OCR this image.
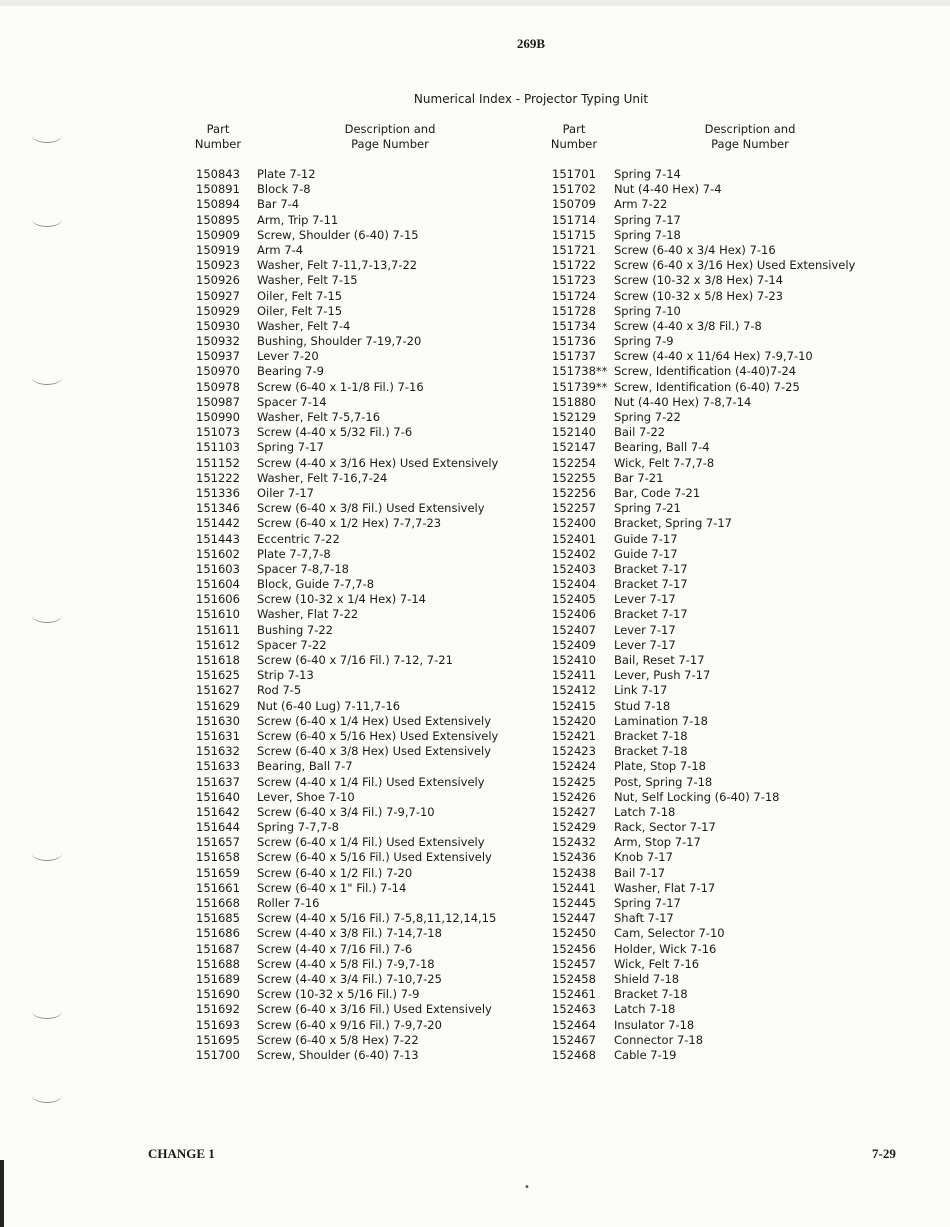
269B
Numerical Index - Projector Typing Unit
Part
Number
Description and
Page Number
Part
Number
Description and
Page Number
150843 Plate 7-12
150891 Block 7-8
150894 Bar 7-4
150895 Arm, Trip 7-11
150909 Screw, Shoulder (6-40) 7-15
150919 Arm 7-4
150923 Washer, Felt 7-11,7-13,7-22
150926 Washer, Felt 7-15
150927 Oiler, Felt 7-15
150929 Oiler, Felt 7-15
150930 Washer, Felt 7-4
150932 Bushing, Shoulder 7-19,7-20
150937 Lever 7-20
150970 Bearing 7-9
150978 Screw (6-40 x 1-1/8 Fil.) 7-16
150987 Spacer 7-14
150990 Washer, Felt 7-5,7-16
151073 Screw (4-40 x 5/32 Fil.) 7-6
151103 Spring 7-17
151152 Screw (4-40 x 3/16 Hex) Used Extensively
151222 Washer, Felt 7-16,7-24
151336 Oiler 7-17
151346 Screw (6-40 x 3/8 Fil.) Used Extensively
151442 Screw (6-40 x 1/2 Hex) 7-7,7-23
151443 Eccentric 7-22
151602 Plate 7-7,7-8
151603 Spacer 7-8,7-18
151604 Block, Guide 7-7,7-8
151606 Screw (10-32 x 1/4 Hex) 7-14
151610 Washer, Flat 7-22
151611 Bushing 7-22
151612 Spacer 7-22
151618 Screw (6-40 x 7/16 Fil.) 7-12, 7-21
151625 Strip 7-13
151627 Rod 7-5
151629 Nut (6-40 Lug) 7-11,7-16
151630 Screw (6-40 x 1/4 Hex) Used Extensively
151631 Screw (6-40 x 5/16 Hex) Used Extensively
151632 Screw (6-40 x 3/8 Hex) Used Extensively
151633 Bearing, Ball 7-7
151637 Screw (4-40 x 1/4 Fil.) Used Extensively
151640 Lever, Shoe 7-10
151642 Screw (6-40 x 3/4 Fil.) 7-9,7-10
151644 Spring 7-7,7-8
151657 Screw (6-40 x 1/4 Fil.) Used Extensively
151658 Screw (6-40 x 5/16 Fil.) Used Extensively
151659 Screw (6-40 x 1/2 Fil.) 7-20
151661 Screw (6-40 x 1" Fil.) 7-14
151668 Roller 7-16
151685 Screw (4-40 x 5/16 Fil.) 7-5,8,11,12,14,15
151686 Screw (4-40 x 3/8 Fil.) 7-14,7-18
151687 Screw (4-40 x 7/16 Fil.) 7-6
151688 Screw (4-40 x 5/8 Fil.) 7-9,7-18
151689 Screw (4-40 x 3/4 Fil.) 7-10,7-25
151690 Screw (10-32 x 5/16 Fil.) 7-9
151692 Screw (6-40 x 3/16 Fil.) Used Extensively
151693 Screw (6-40 x 9/16 Fil.) 7-9,7-20
151695 Screw (6-40 x 5/8 Hex) 7-22
151700 Screw, Shoulder (6-40) 7-13
151701 Spring 7-14
151702 Nut (4-40 Hex) 7-4
150709 Arm 7-22
151714 Spring 7-17
151715 Spring 7-18
151721 Screw (6-40 x 3/4 Hex) 7-16
151722 Screw (6-40 x 3/16 Hex) Used Extensively
151723 Screw (10-32 x 3/8 Hex) 7-14
151724 Screw (10-32 x 5/8 Hex) 7-23
151728 Spring 7-10
151734 Screw (4-40 x 3/8 Fil.) 7-8
151736 Spring 7-9
151737 Screw (4-40 x 11/64 Hex) 7-9,7-10
151738** Screw, Identification (4-40)7-24
151739** Screw, Identification (6-40) 7-25
151880 Nut (4-40 Hex) 7-8,7-14
152129 Spring 7-22
152140 Bail 7-22
152147 Bearing, Ball 7-4
152254 Wick, Felt 7-7,7-8
152255 Bar 7-21
152256 Bar, Code 7-21
152257 Spring 7-21
152400 Bracket, Spring 7-17
152401 Guide 7-17
152402 Guide 7-17
152403 Bracket 7-17
152404 Bracket 7-17
152405 Lever 7-17
152406 Bracket 7-17
152407 Lever 7-17
152409 Lever 7-17
152410 Bail, Reset 7-17
152411 Lever, Push 7-17
152412 Link 7-17
152415 Stud 7-18
152420 Lamination 7-18
152421 Bracket 7-18
152423 Bracket 7-18
152424 Plate, Stop 7-18
152425 Post, Spring 7-18
152426 Nut, Self Locking (6-40) 7-18
152427 Latch 7-18
152429 Rack, Sector 7-17
152432 Arm, Stop 7-17
152436 Knob 7-17
152438 Bail 7-17
152441 Washer, Flat 7-17
152445 Spring 7-17
152447 Shaft 7-17
152450 Cam, Selector 7-10
152456 Holder, Wick 7-16
152457 Wick, Felt 7-16
152458 Shield 7-18
152461 Bracket 7-18
152463 Latch 7-18
152464 Insulator 7-18
152467 Connector 7-18
152468 Cable 7-19
CHANGE 1	7-29
•
